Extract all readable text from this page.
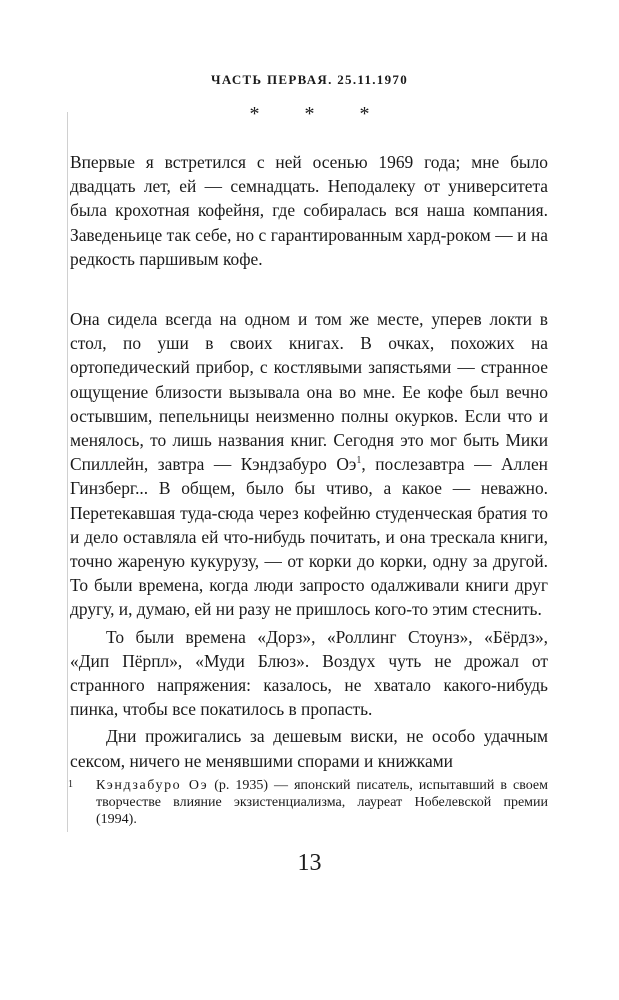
ЧАСТЬ ПЕРВАЯ. 25.11.1970
* * *

Впервые я встретился с ней осенью 1969 года; мне было двадцать лет, ей — семнадцать. Неподалеку от университета была крохотная кофейня, где собиралась вся наша компания. Заведеньице так себе, но с гарантированным хард-роком — и на редкость паршивым кофе.

Она сидела всегда на одном и том же месте, уперев локти в стол, по уши в своих книгах. В очках, похожих на ортопедический прибор, с костлявыми запястьями — странное ощущение близости вызывала она во мне. Ее кофе был вечно остывшим, пепельницы неизменно полны окурков. Если что и менялось, то лишь названия книг. Сегодня это мог быть Мики Спиллейн, завтра — Кэндзабуро $Оэ^1$, послезавтра — Аллен Гинзберг... В общем, было бы чтиво, а какое — неважно. Перетекавшая туда-сюда через кофейню студенческая братия то и дело оставляла ей что-нибудь почитать, и она трескала книги, точно жареную кукурузу, — от корки до корки, одну за другой. То были времена, когда люди запросто одалживали книги друг другу, и, думаю, ей ни разу не пришлось кого-то этим стеснить.

То были времена «Дорз», «Роллинг Стоунз», «Бёрдз», «Дип Пёрпл», «Муди Блюз». Воздух чуть не дрожал от странного напряжения: казалось, не хватало какого-нибудь пинка, чтобы все покатилось в пропасть.

Дни прожигались за дешевым виски, не особо удачным сексом, ничего не менявшими спорами и книжками

1 Кэндзабуро Оэ (р. 1935) — японский писатель, испытавший в своем творчестве влияние экзистенциализма, лауреат Нобелевской премии (1994).
13
